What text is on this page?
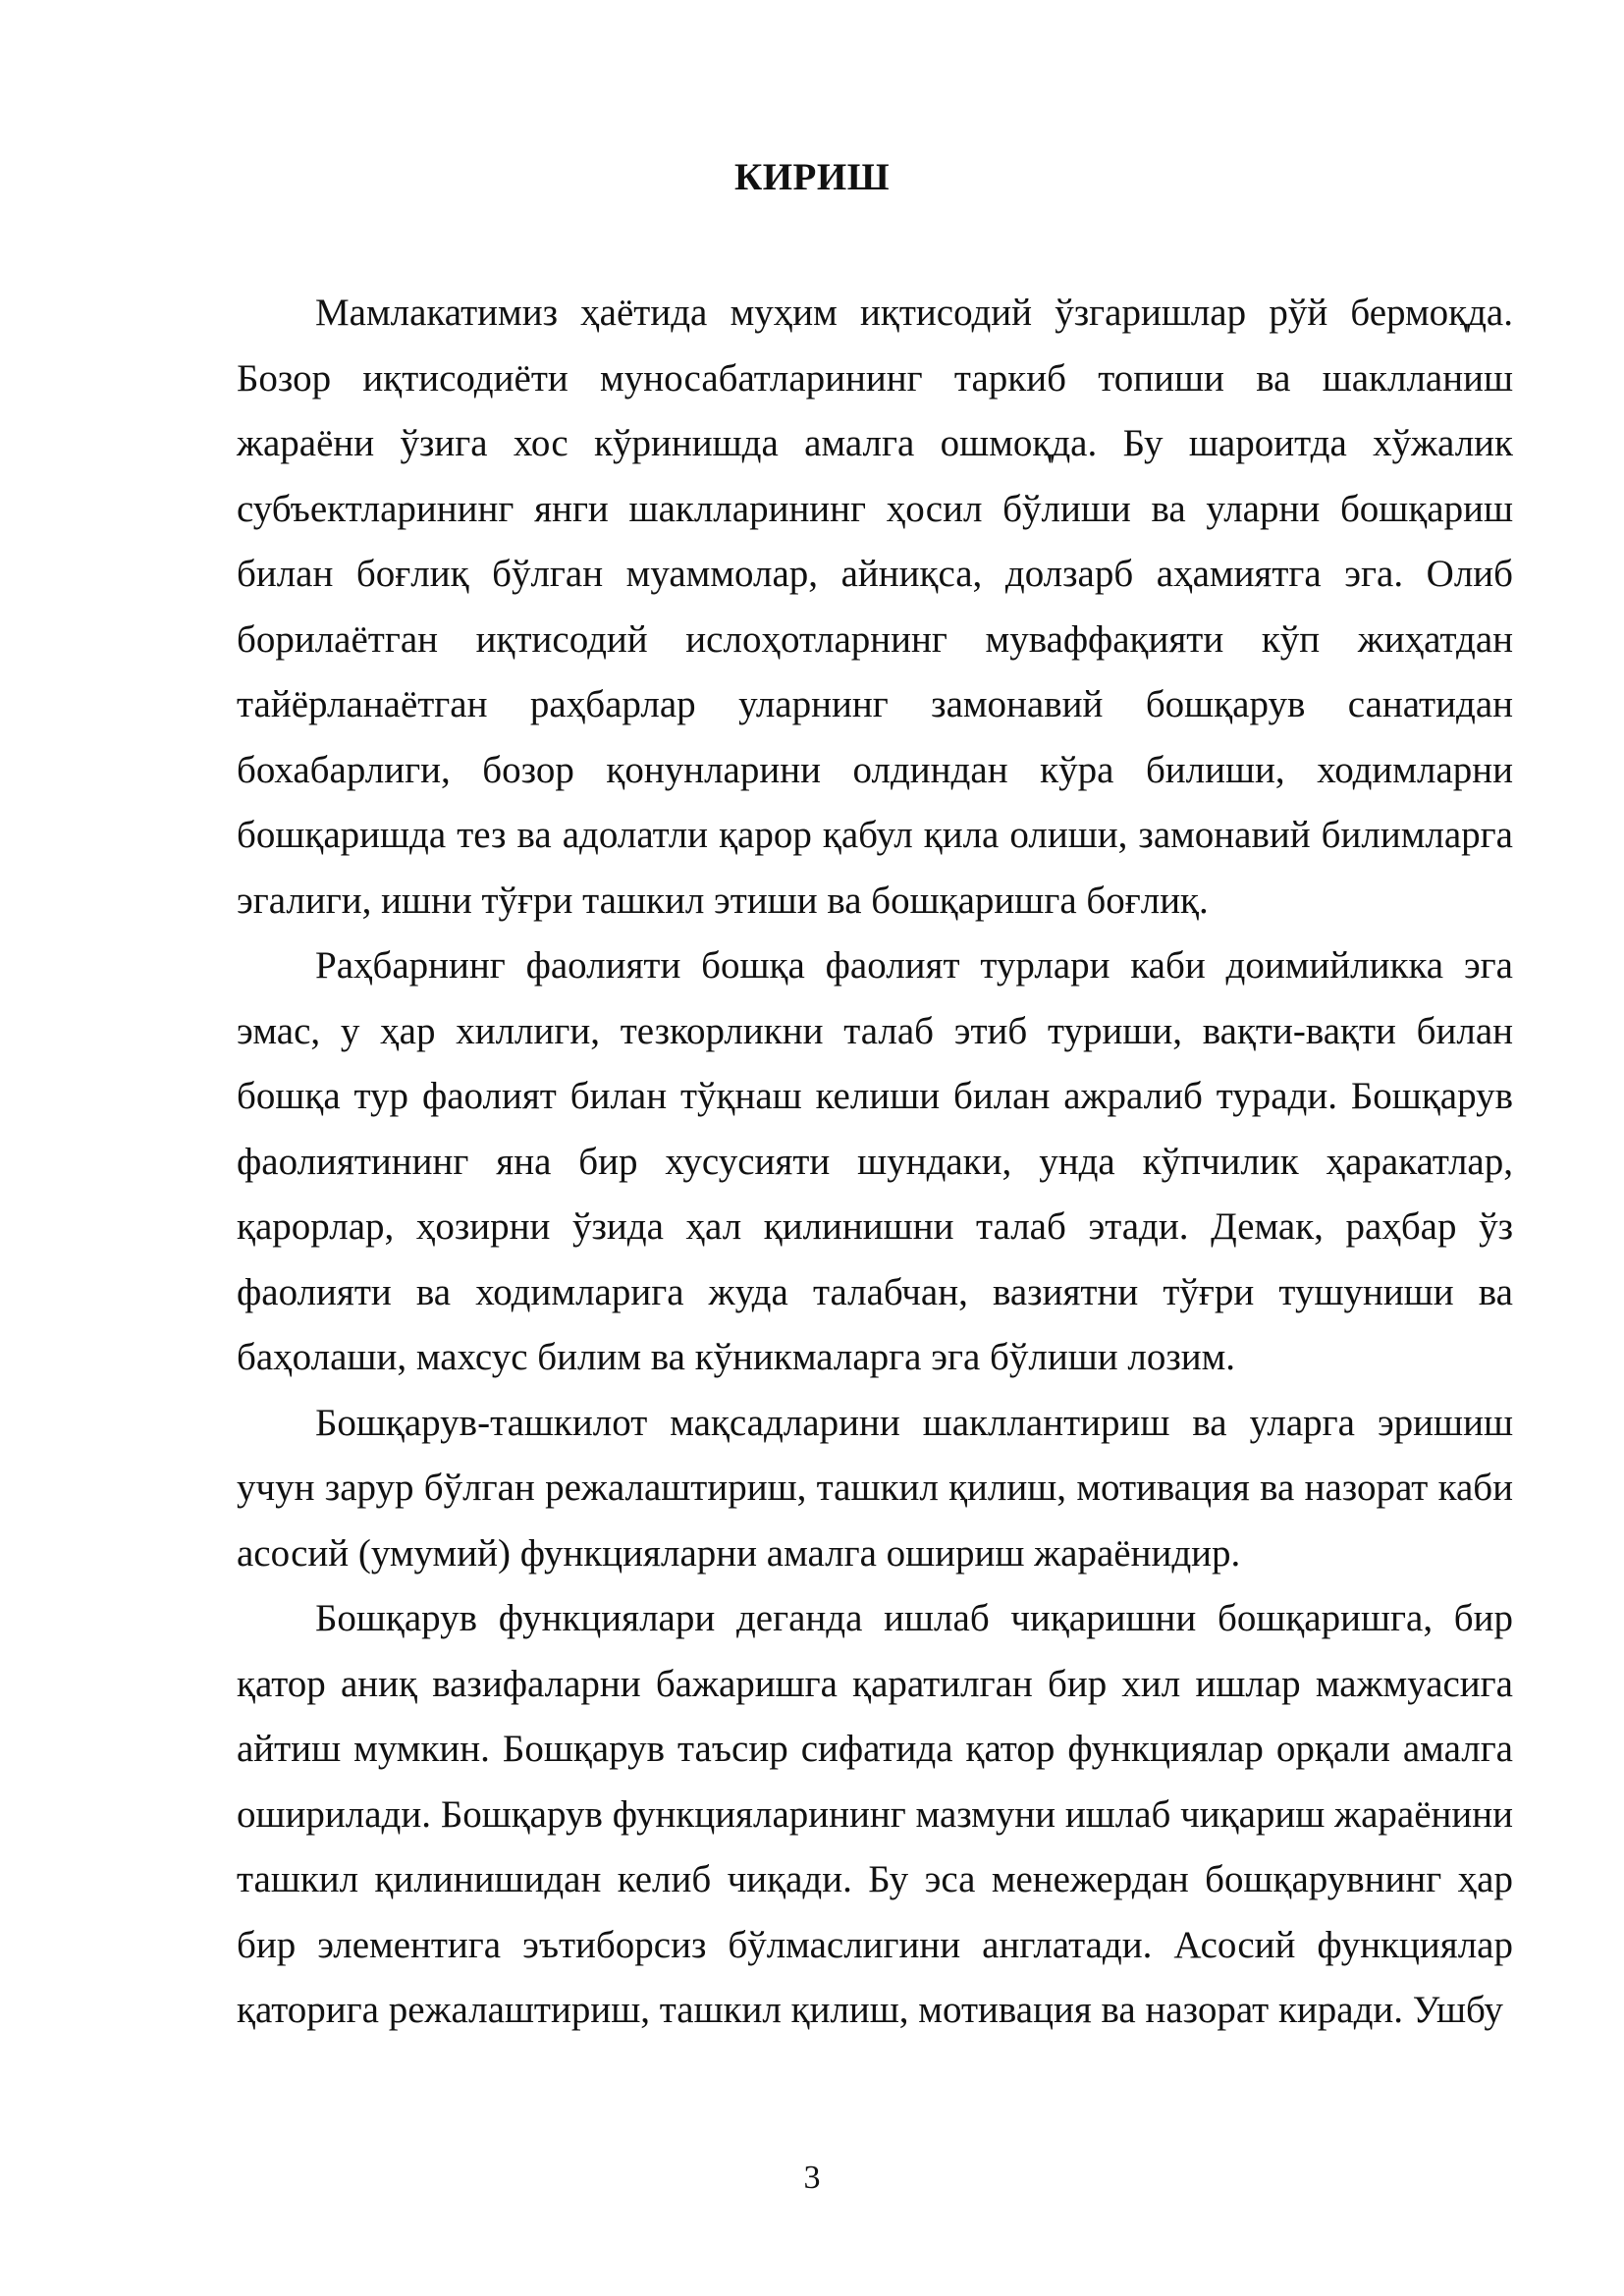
КИРИШ

Мамлакатимиз ҳаётида муҳим иқтисодий ўзгаришлар рўй бермоқда. Бозор иқтисодиёти муносабатларининг таркиб топиши ва шаклланиш жараёни ўзига хос кўринишда амалга ошмоқда. Бу шароитда хўжалик субъектларининг янги шаклларининг ҳосил бўлиши ва уларни бошқариш билан боғлиқ бўлган муаммолар, айниқса, долзарб аҳамиятга эга. Олиб борилаётган иқтисодий ислоҳотларнинг муваффақияти кўп жиҳатдан тайёрланаётган раҳбарлар уларнинг замонавий бошқарув санатидан бохабарлиги, бозор қонунларини олдиндан кўра билиши, ходимларни бошқаришда тез ва адолатли қарор қабул қила олиши, замонавий билимларга эгалиги, ишни тўғри ташкил этиши ва бошқаришга боғлиқ.

Раҳбарнинг фаолияти бошқа фаолият турлари каби доимийликка эга эмас, у ҳар хиллиги, тезкорликни талаб этиб туриши, вақти-вақти билан бошқа тур фаолият билан тўқнаш келиши билан ажралиб туради. Бошқарув фаолиятининг яна бир хусусияти шундаки, унда кўпчилик ҳаракатлар, қарорлар, ҳозирни ўзида ҳал қилинишни талаб этади. Демак, раҳбар ўз фаолияти ва ходимларига жуда талабчан, вазиятни тўғри тушуниши ва баҳолаши, махсус билим ва кўникмаларга эга бўлиши лозим.

Бошқарув-ташкилот мақсадларини шакллантириш ва уларга эришиш учун зарур бўлган режалаштириш, ташкил қилиш, мотивация ва назорат каби асосий (умумий) функцияларни амалга ошириш жараёнидир.

Бошқарув функциялари деганда ишлаб чиқаришни бошқаришга, бир қатор аниқ вазифаларни бажаришга қаратилган бир хил ишлар мажмуасига айтиш мумкин. Бошқарув таъсир сифатида қатор функциялар орқали амалга оширилади. Бошқарув функцияларининг мазмуни ишлаб чиқариш жараёнини ташкил қилинишидан келиб чиқади. Бу эса менежердан бошқарувнинг ҳар бир элементига эътиборсиз бўлмаслигини англатади. Асосий функциялар қаторига режалаштириш, ташкил қилиш, мотивация ва назорат киради. Ушбу

3
